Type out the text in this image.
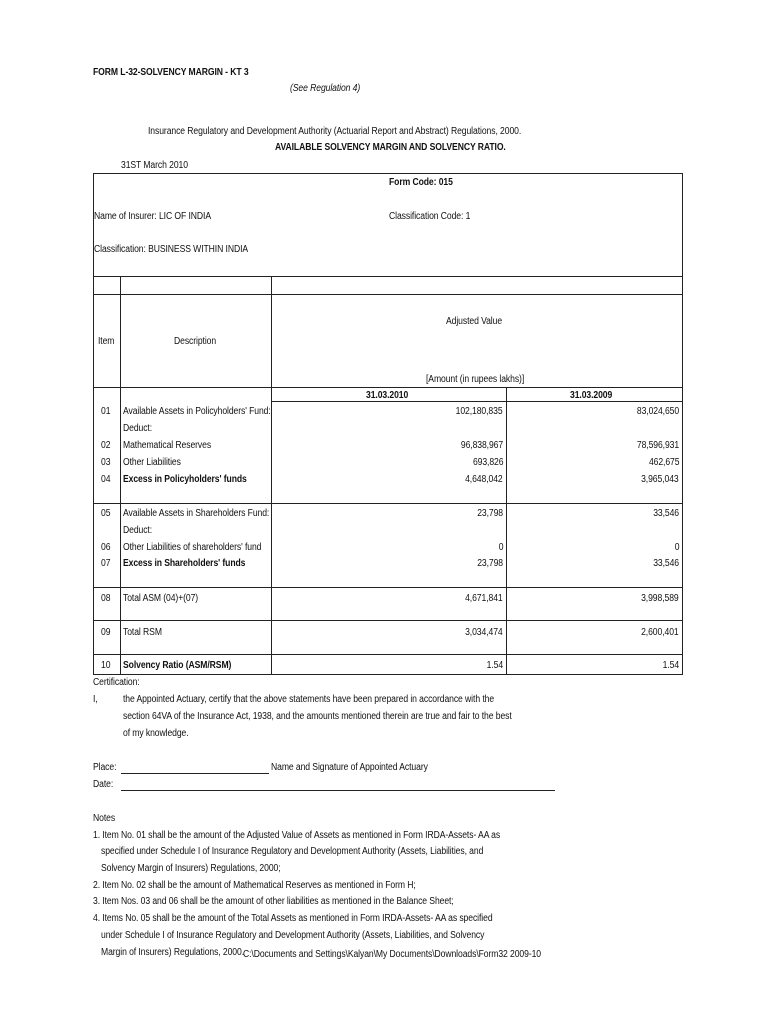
FORM L-32-SOLVENCY MARGIN - KT 3
(See Regulation 4)
Insurance Regulatory and Development Authority (Actuarial Report and Abstract) Regulations, 2000.
AVAILABLE SOLVENCY MARGIN AND SOLVENCY RATIO.
31ST March 2010
Form Code: 015
Name of Insurer: LIC OF INDIA	Classification Code: 1
Classification: BUSINESS WITHIN INDIA
Item	Description
Adjusted Value
[Amount (in rupees lakhs)]
31.03.2010	31.03.2009
01 Available Assets in Policyholders' Fund:	102,180,835	83,024,650
Deduct:
02 Mathematical Reserves	96,838,967	78,596,931
03 Other Liabilities	693,826	462,675
04 Excess in Policyholders' funds	4,648,042	3,965,043
05 Available Assets in Shareholders Fund:	23,798	33,546
Deduct:
06 Other Liabilities of shareholders' fund	0	0
07 Excess in Shareholders' funds	23,798	33,546
08 Total ASM (04)+(07)	4,671,841	3,998,589
09 Total RSM	3,034,474	2,600,401
10 Solvency Ratio (ASM/RSM)	1.54	1.54
Certification:
I,	the Appointed Actuary, certify that the above statements have been prepared in accordance with the
section 64VA of the Insurance Act, 1938, and the amounts mentioned therein are true and fair to the best
of my knowledge.
Place:	Name and Signature of Appointed Actuary
Date:
Notes
1. Item No. 01 shall be the amount of the Adjusted Value of Assets as mentioned in Form IRDA-Assets- AA as
specified under Schedule I of Insurance Regulatory and Development Authority (Assets, Liabilities, and
Solvency Margin of Insurers) Regulations, 2000;
2. Item No. 02 shall be the amount of Mathematical Reserves as mentioned in Form H;
3. Item Nos. 03 and 06 shall be the amount of other liabilities as mentioned in the Balance Sheet;
4. Items No. 05 shall be the amount of the Total Assets as mentioned in Form IRDA-Assets- AA as specified
under Schedule I of Insurance Regulatory and Development Authority (Assets, Liabilities, and Solvency
Margin of Insurers) Regulations, 2000.
C:\Documents and Settings\Kalyan\My Documents\Downloads\Form32 2009-10
